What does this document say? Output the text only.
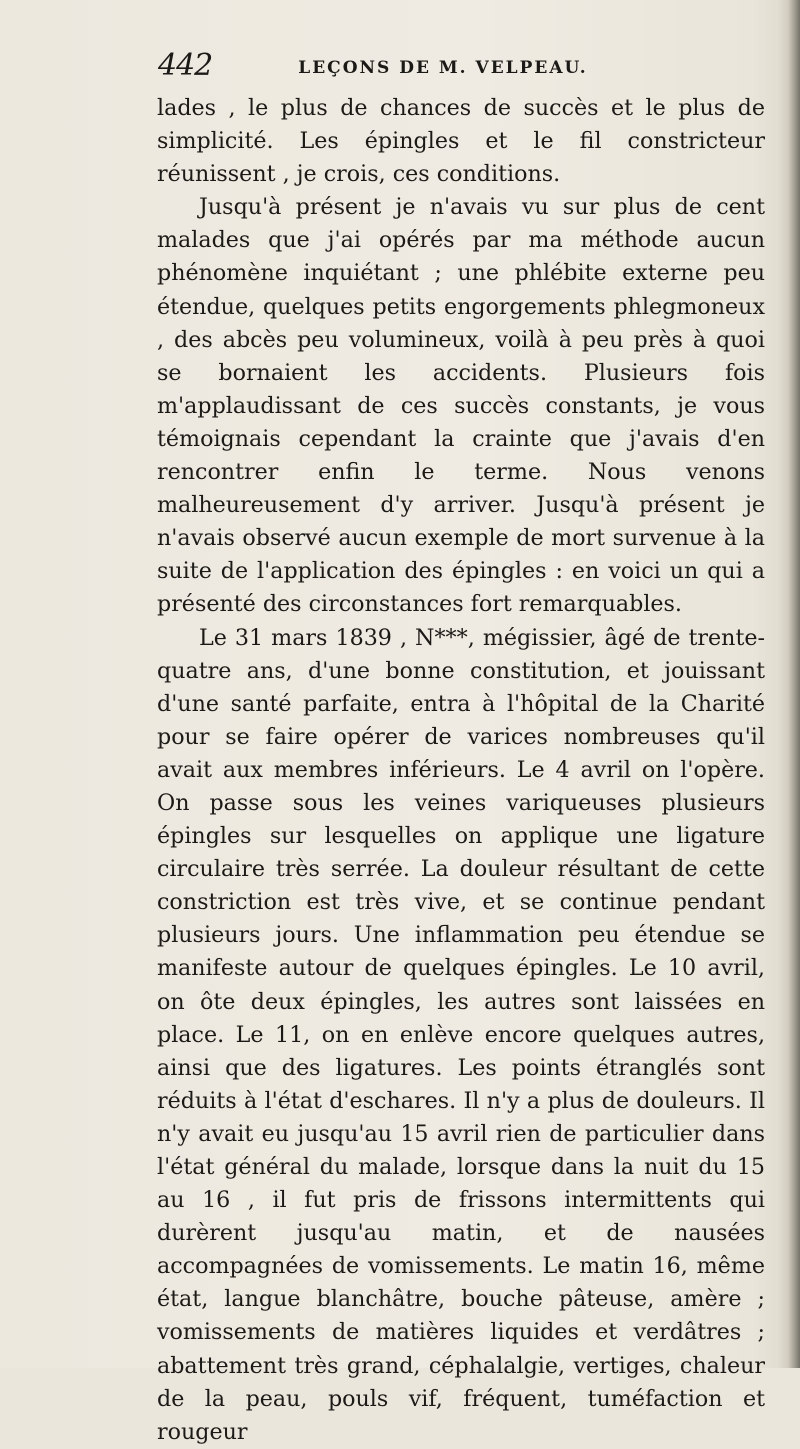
442	LEÇONS DE M. VELPEAU.

lades , le plus de chances de succès et le plus de simplicité. Les épingles et le fil constricteur réunissent , je crois, ces conditions.

Jusqu'à présent je n'avais vu sur plus de cent malades que j'ai opérés par ma méthode aucun phénomène inquiétant ; une phlébite externe peu étendue, quelques petits engorgements phlegmoneux , des abcès peu volumineux, voilà à peu près à quoi se bornaient les accidents. Plusieurs fois m'applaudissant de ces succès constants, je vous témoignais cependant la crainte que j'avais d'en rencontrer enfin le terme. Nous venons malheureusement d'y arriver. Jusqu'à présent je n'avais observé aucun exemple de mort survenue à la suite de l'application des épingles : en voici un qui a présenté des circonstances fort remarquables.

Le 31 mars 1839 , N***, mégissier, âgé de trente-quatre ans, d'une bonne constitution, et jouissant d'une santé parfaite, entra à l'hôpital de la Charité pour se faire opérer de varices nombreuses qu'il avait aux membres inférieurs. Le 4 avril on l'opère. On passe sous les veines variqueuses plusieurs épingles sur lesquelles on applique une ligature circulaire très serrée. La douleur résultant de cette constriction est très vive, et se continue pendant plusieurs jours. Une inflammation peu étendue se manifeste autour de quelques épingles. Le 10 avril, on ôte deux épingles, les autres sont laissées en place. Le 11, on en enlève encore quelques autres, ainsi que des ligatures. Les points étranglés sont réduits à l'état d'eschares. Il n'y a plus de douleurs. Il n'y avait eu jusqu'au 15 avril rien de particulier dans l'état général du malade, lorsque dans la nuit du 15 au 16 , il fut pris de frissons intermittents qui durèrent jusqu'au matin, et de nausées accompagnées de vomissements. Le matin 16, même état, langue blanchâtre, bouche pâteuse, amère ; vomissements de matières liquides et verdâtres ; abattement très grand, céphalalgie, vertiges, chaleur de la peau, pouls vif, fréquent, tuméfaction et rougeur
